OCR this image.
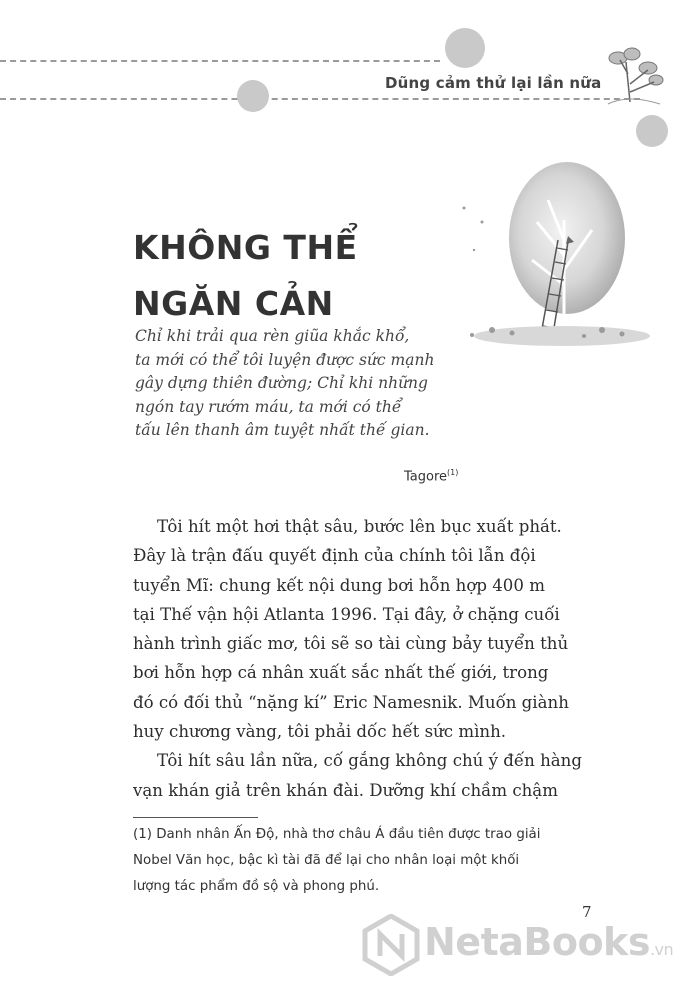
Dũng cảm thử lại lần nữa
KHÔNG THỂ
NGĂN CẢN
Chỉ khi trải qua rèn giũa khắc khổ,
ta mới có thể tôi luyện được sức mạnh
gây dựng thiên đường; Chỉ khi những
ngón tay rướm máu, ta mới có thể
tấu lên thanh âm tuyệt nhất thế gian.
Tagore$^{(1)}$
Tôi hít một hơi thật sâu, bước lên bục xuất phát.
Đây là trận đấu quyết định của chính tôi lẫn đội
tuyển Mĩ: chung kết nội dung bơi hỗn hợp 400 m
tại Thế vận hội Atlanta 1996. Tại đây, ở chặng cuối
hành trình giấc mơ, tôi sẽ so tài cùng bảy tuyển thủ
bơi hỗn hợp cá nhân xuất sắc nhất thế giới, trong
đó có đối thủ “nặng kí” Eric Namesnik. Muốn giành
huy chương vàng, tôi phải dốc hết sức mình.
Tôi hít sâu lần nữa, cố gắng không chú ý đến hàng
vạn khán giả trên khán đài. Dưỡng khí chầm chậm
(1) Danh nhân Ấn Độ, nhà thơ châu Á đầu tiên được trao giải
Nobel Văn học, bậc kì tài đã để lại cho nhân loại một khối
lượng tác phẩm đồ sộ và phong phú.
7
NetaBooks.vn
